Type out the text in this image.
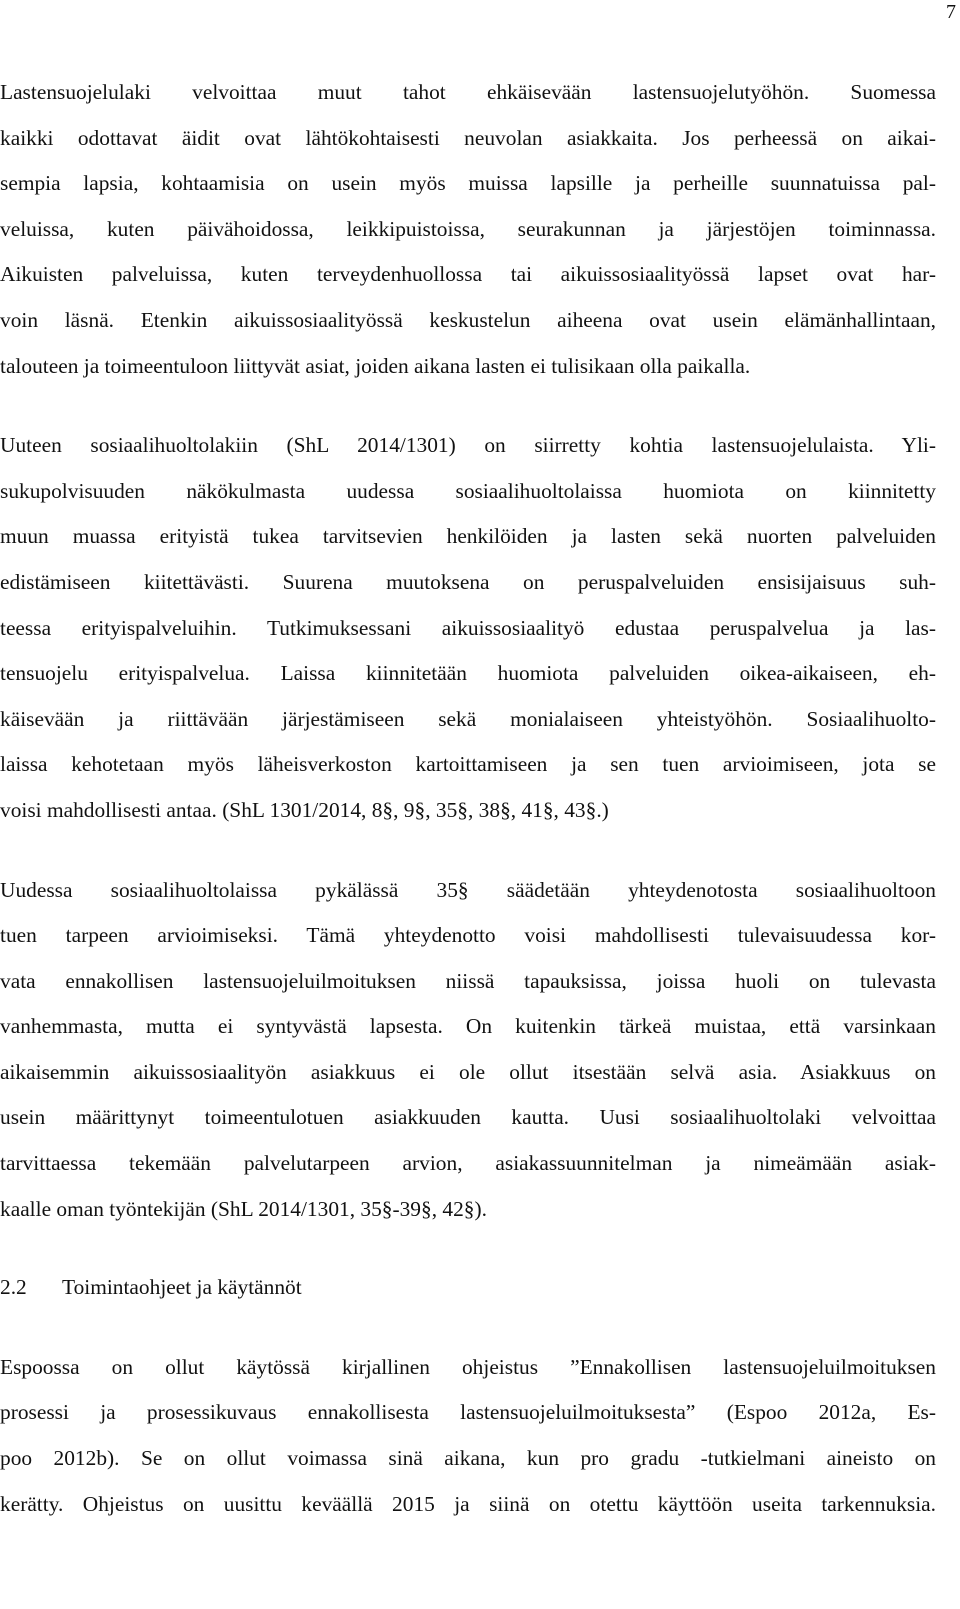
7

Lastensuojelulaki velvoittaa muut tahot ehkäisevään lastensuojelutyöhön. Suomessa
kaikki odottavat äidit ovat lähtökohtaisesti neuvolan asiakkaita. Jos perheessä on aikai-
sempia lapsia, kohtaamisia on usein myös muissa lapsille ja perheille suunnatuissa pal-
veluissa, kuten päivähoidossa, leikkipuistoissa, seurakunnan ja järjestöjen toiminnassa.
Aikuisten palveluissa, kuten terveydenhuollossa tai aikuissosiaalityössä lapset ovat har-
voin läsnä. Etenkin aikuissosiaalityössä keskustelun aiheena ovat usein elämänhallintaan,
talouteen ja toimeentuloon liittyvät asiat, joiden aikana lasten ei tulisikaan olla paikalla.

Uuteen sosiaalihuoltolakiin (ShL 2014/1301) on siirretty kohtia lastensuojelulaista. Yli-
sukupolvisuuden näkökulmasta uudessa sosiaalihuoltolaissa huomiota on kiinnitetty
muun muassa erityistä tukea tarvitsevien henkilöiden ja lasten sekä nuorten palveluiden
edistämiseen kiitettävästi. Suurena muutoksena on peruspalveluiden ensisijaisuus suh-
teessa erityispalveluihin. Tutkimuksessani aikuissosiaalityö edustaa peruspalvelua ja las-
tensuojelu erityispalvelua. Laissa kiinnitetään huomiota palveluiden oikea-aikaiseen, eh-
käisevään ja riittävään järjestämiseen sekä monialaiseen yhteistyöhön. Sosiaalihuolto-
laissa kehotetaan myös läheisverkoston kartoittamiseen ja sen tuen arvioimiseen, jota se
voisi mahdollisesti antaa. (ShL 1301/2014, 8§, 9§, 35§, 38§, 41§, 43§.)

Uudessa sosiaalihuoltolaissa pykälässä 35§ säädetään yhteydenotosta sosiaalihuoltoon
tuen tarpeen arvioimiseksi. Tämä yhteydenotto voisi mahdollisesti tulevaisuudessa kor-
vata ennakollisen lastensuojeluilmoituksen niissä tapauksissa, joissa huoli on tulevasta
vanhemmasta, mutta ei syntyvästä lapsesta. On kuitenkin tärkeä muistaa, että varsinkaan
aikaisemmin aikuissosiaalityön asiakkuus ei ole ollut itsestään selvä asia. Asiakkuus on
usein määrittynyt toimeentulotuen asiakkuuden kautta. Uusi sosiaalihuoltolaki velvoittaa
tarvittaessa tekemään palvelutarpeen arvion, asiakassuunnitelman ja nimeämään asiak-
kaalle oman työntekijän (ShL 2014/1301, 35§-39§, 42§).

2.2 Toimintaohjeet ja käytännöt

Espoossa on ollut käytössä kirjallinen ohjeistus ”Ennakollisen lastensuojeluilmoituksen
prosessi ja prosessikuvaus ennakollisesta lastensuojeluilmoituksesta” (Espoo 2012a, Es-
poo 2012b). Se on ollut voimassa sinä aikana, kun pro gradu -tutkielmani aineisto on
kerätty. Ohjeistus on uusittu keväällä 2015 ja siinä on otettu käyttöön useita tarkennuksia.
